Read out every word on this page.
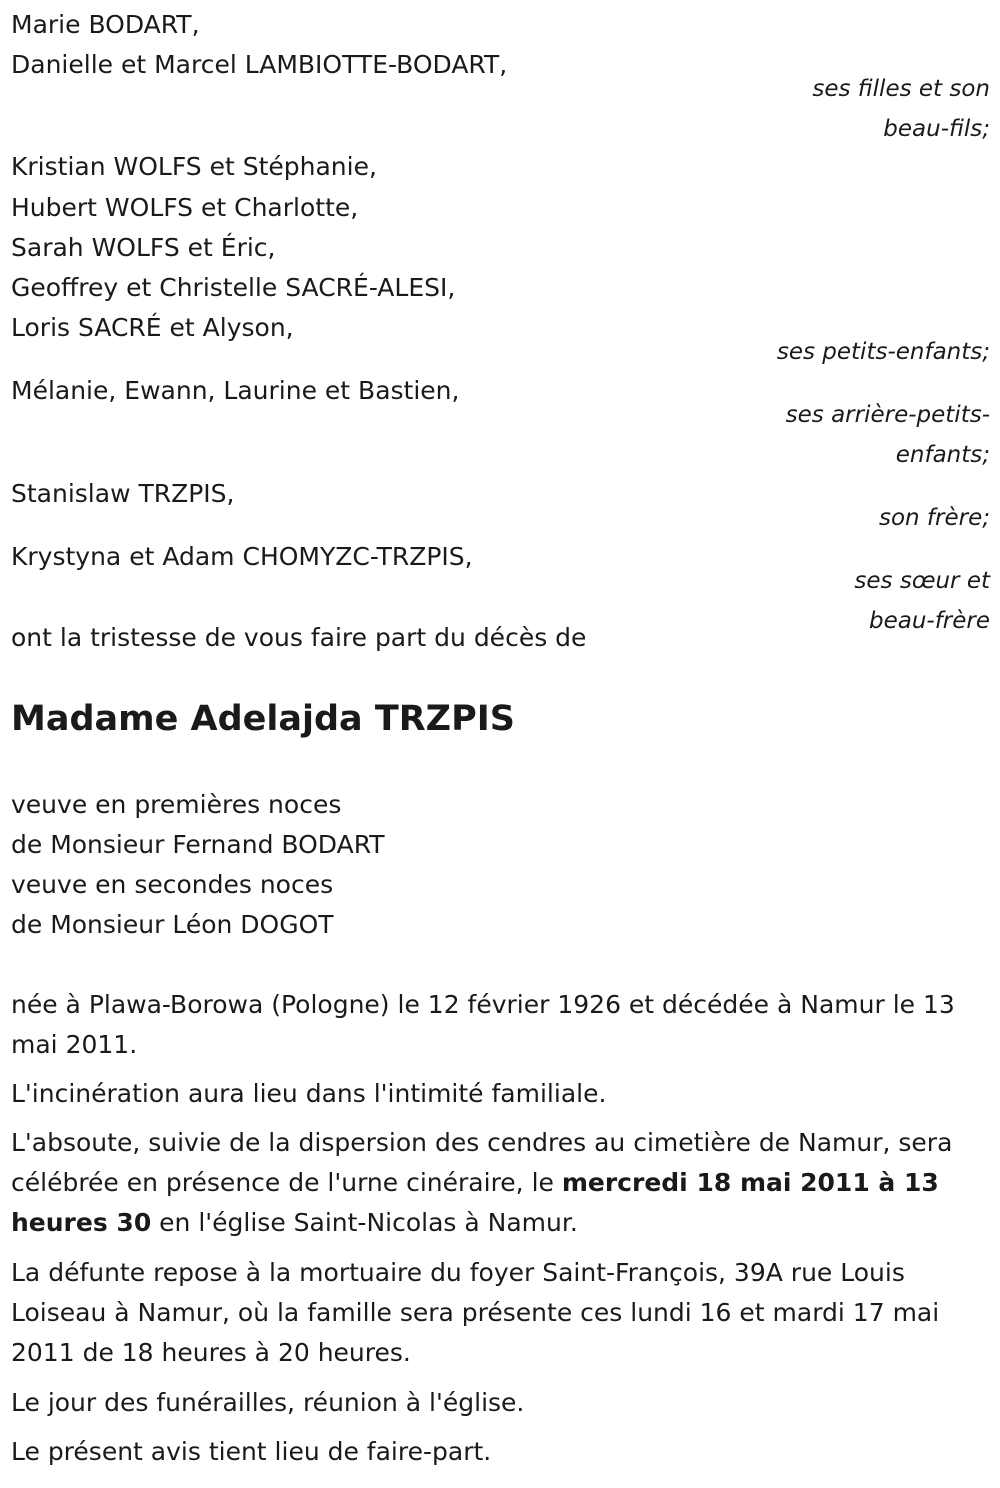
Marie BODART,
Danielle et Marcel LAMBIOTTE-BODART,
ses filles et son
beau-fils;
Kristian WOLFS et Stéphanie,
Hubert WOLFS et Charlotte,
Sarah WOLFS et Éric,
Geoffrey et Christelle SACRÉ-ALESI,
Loris SACRÉ et Alyson,
ses petits-enfants;
Mélanie, Ewann, Laurine et Bastien,
ses arrière-petits-
enfants;
Stanislaw TRZPIS,
son frère;
Krystyna et Adam CHOMYZC-TRZPIS,
ses sœur et
beau-frère
ont la tristesse de vous faire part du décès de
Madame Adelajda TRZPIS
veuve en premières noces
de Monsieur Fernand BODART
veuve en secondes noces
de Monsieur Léon DOGOT
née à Plawa-Borowa (Pologne) le 12 février 1926 et décédée à Namur le 13 mai 2011.
L'incinération aura lieu dans l'intimité familiale.
L'absoute, suivie de la dispersion des cendres au cimetière de Namur, sera célébrée en présence de l'urne cinéraire, le mercredi 18 mai 2011 à 13 heures 30 en l'église Saint-Nicolas à Namur.
La défunte repose à la mortuaire du foyer Saint-François, 39A rue Louis Loiseau à Namur, où la famille sera présente ces lundi 16 et mardi 17 mai 2011 de 18 heures à 20 heures.
Le jour des funérailles, réunion à l'église.
Le présent avis tient lieu de faire-part.
